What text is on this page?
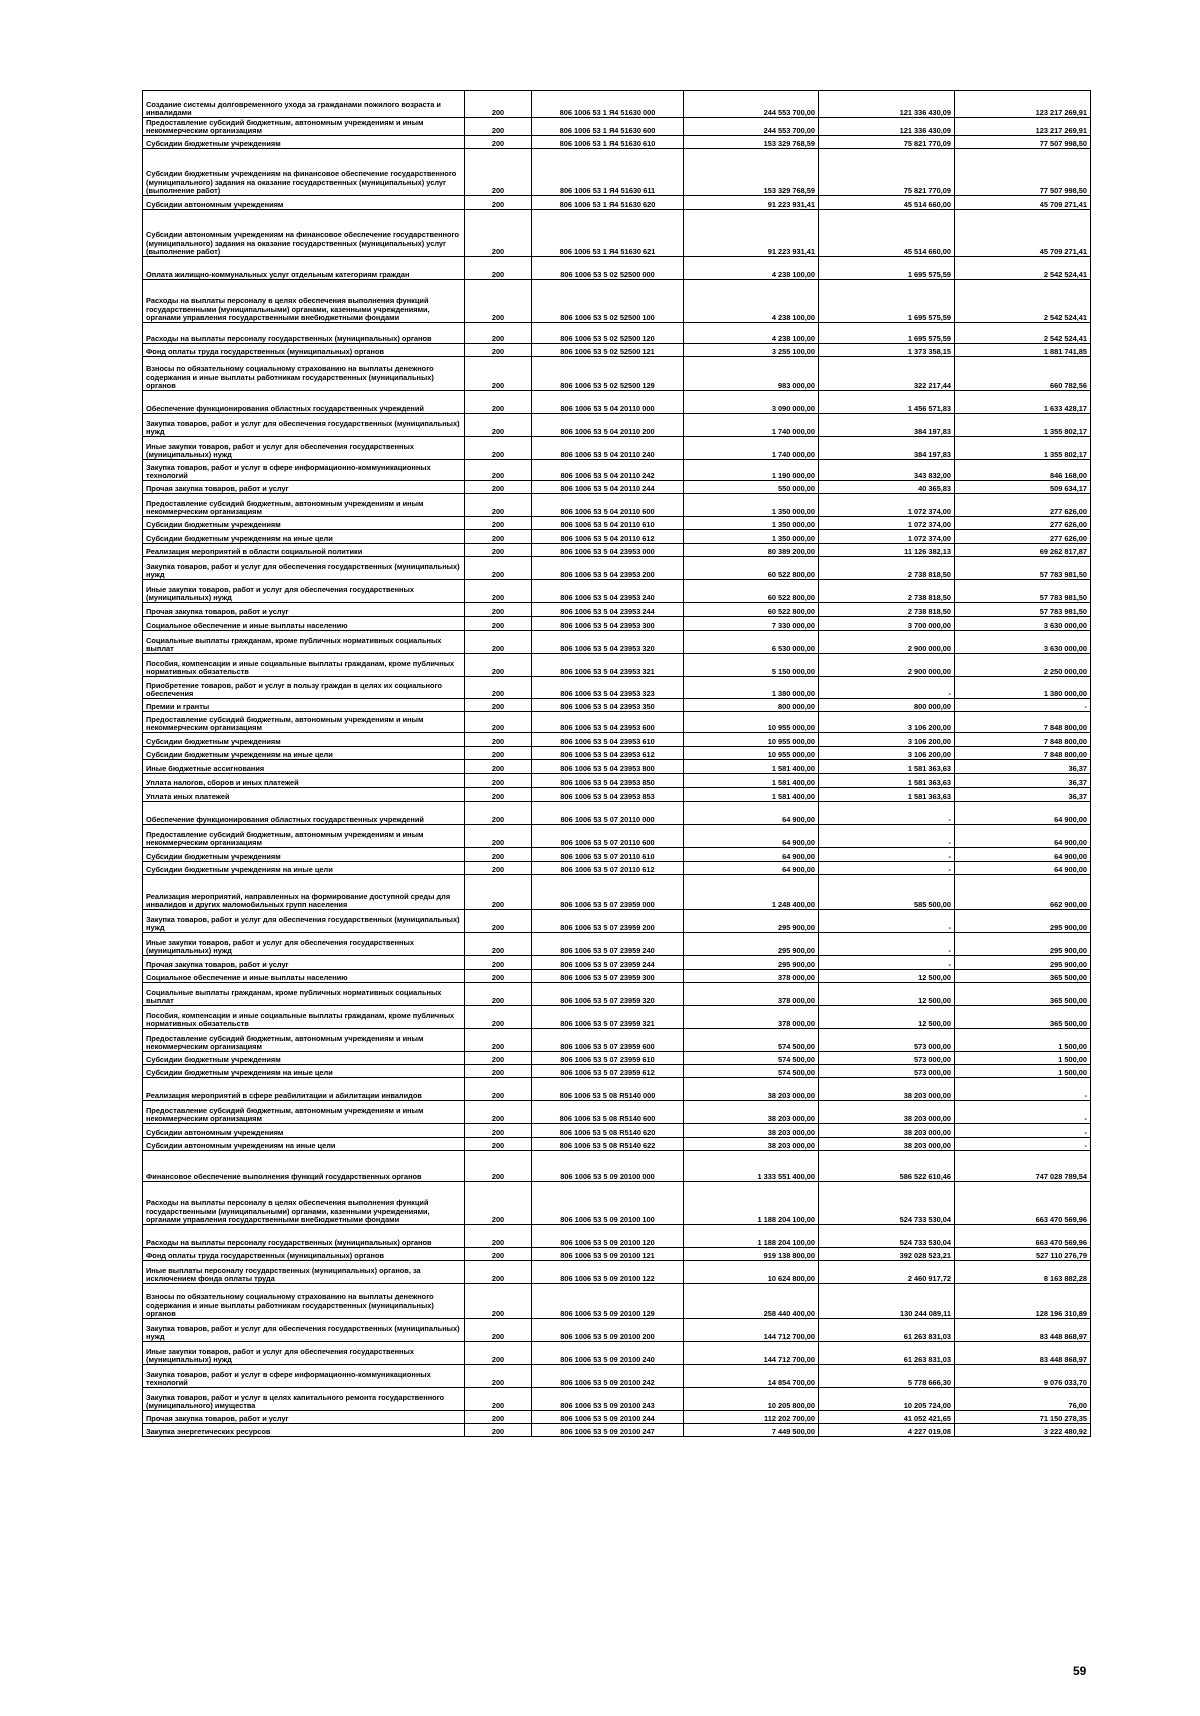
Создание системы долговременного ухода за гражданами пожилого возраста и инвалидами	200	806 1006 53 1 Я4 51630 000	244 553 700,00	121 336 430,09	123 217 269,91
Предоставление субсидий бюджетным, автономным учреждениям и иным некоммерческим организациям	200	806 1006 53 1 Я4 51630 600	244 553 700,00	121 336 430,09	123 217 269,91
Субсидии бюджетным учреждениям	200	806 1006 53 1 Я4 51630 610	153 329 768,59	75 821 770,09	77 507 998,50
Субсидии бюджетным учреждениям на финансовое обеспечение государственного (муниципального) задания на оказание государственных (муниципальных) услуг (выполнение работ)	200	806 1006 53 1 Я4 51630 611	153 329 768,59	75 821 770,09	77 507 998,50
Субсидии автономным учреждениям	200	806 1006 53 1 Я4 51630 620	91 223 931,41	45 514 660,00	45 709 271,41
Субсидии автономным учреждениям на финансовое обеспечение государственного (муниципального) задания на оказание государственных (муниципальных) услуг (выполнение работ)	200	806 1006 53 1 Я4 51630 621	91 223 931,41	45 514 660,00	45 709 271,41
Оплата жилищно-коммунальных услуг отдельным категориям граждан	200	806 1006 53 5 02 52500 000	4 238 100,00	1 695 575,59	2 542 524,41
Расходы на выплаты персоналу в целях обеспечения выполнения функций государственными (муниципальными) органами, казенными учреждениями, органами управления государственными внебюджетными фондами	200	806 1006 53 5 02 52500 100	4 238 100,00	1 695 575,59	2 542 524,41
Расходы на выплаты персоналу государственных (муниципальных) органов	200	806 1006 53 5 02 52500 120	4 238 100,00	1 695 575,59	2 542 524,41
Фонд оплаты труда государственных (муниципальных) органов	200	806 1006 53 5 02 52500 121	3 255 100,00	1 373 358,15	1 881 741,85
Взносы по обязательному социальному страхованию на выплаты денежного содержания и иные выплаты работникам государственных (муниципальных) органов	200	806 1006 53 5 02 52500 129	983 000,00	322 217,44	660 782,56
Обеспечение функционирования областных государственных учреждений	200	806 1006 53 5 04 20110 000	3 090 000,00	1 456 571,83	1 633 428,17
Закупка товаров, работ и услуг для обеспечения государственных (муниципальных) нужд	200	806 1006 53 5 04 20110 200	1 740 000,00	384 197,83	1 355 802,17
Иные закупки товаров, работ и услуг для обеспечения государственных (муниципальных) нужд	200	806 1006 53 5 04 20110 240	1 740 000,00	384 197,83	1 355 802,17
Закупка товаров, работ и услуг в сфере информационно-коммуникационных технологий	200	806 1006 53 5 04 20110 242	1 190 000,00	343 832,00	846 168,00
Прочая закупка товаров, работ и услуг	200	806 1006 53 5 04 20110 244	550 000,00	40 365,83	509 634,17
Предоставление субсидий бюджетным, автономным учреждениям и иным некоммерческим организациям	200	806 1006 53 5 04 20110 600	1 350 000,00	1 072 374,00	277 626,00
Субсидии бюджетным учреждениям	200	806 1006 53 5 04 20110 610	1 350 000,00	1 072 374,00	277 626,00
Субсидии бюджетным учреждениям на иные цели	200	806 1006 53 5 04 20110 612	1 350 000,00	1 072 374,00	277 626,00
Реализация мероприятий в области социальной политики	200	806 1006 53 5 04 23953 000	80 389 200,00	11 126 382,13	69 262 817,87
Закупка товаров, работ и услуг для обеспечения государственных (муниципальных) нужд	200	806 1006 53 5 04 23953 200	60 522 800,00	2 738 818,50	57 783 981,50
Иные закупки товаров, работ и услуг для обеспечения государственных (муниципальных) нужд	200	806 1006 53 5 04 23953 240	60 522 800,00	2 738 818,50	57 783 981,50
Прочая закупка товаров, работ и услуг	200	806 1006 53 5 04 23953 244	60 522 800,00	2 738 818,50	57 783 981,50
Социальное обеспечение и иные выплаты населению	200	806 1006 53 5 04 23953 300	7 330 000,00	3 700 000,00	3 630 000,00
Социальные выплаты гражданам, кроме публичных нормативных социальных выплат	200	806 1006 53 5 04 23953 320	6 530 000,00	2 900 000,00	3 630 000,00
Пособия, компенсации и иные социальные выплаты гражданам, кроме публичных нормативных обязательств	200	806 1006 53 5 04 23953 321	5 150 000,00	2 900 000,00	2 250 000,00
Приобретение товаров, работ и услуг в пользу граждан в целях их социального обеспечения	200	806 1006 53 5 04 23953 323	1 380 000,00	-	1 380 000,00
Премии и гранты	200	806 1006 53 5 04 23953 350	800 000,00	800 000,00	-
Предоставление субсидий бюджетным, автономным учреждениям и иным некоммерческим организациям	200	806 1006 53 5 04 23953 600	10 955 000,00	3 106 200,00	7 848 800,00
Субсидии бюджетным учреждениям	200	806 1006 53 5 04 23953 610	10 955 000,00	3 106 200,00	7 848 800,00
Субсидии бюджетным учреждениям на иные цели	200	806 1006 53 5 04 23953 612	10 955 000,00	3 106 200,00	7 848 800,00
Иные бюджетные ассигнования	200	806 1006 53 5 04 23953 800	1 581 400,00	1 581 363,63	36,37
Уплата налогов, сборов и иных платежей	200	806 1006 53 5 04 23953 850	1 581 400,00	1 581 363,63	36,37
Уплата иных платежей	200	806 1006 53 5 04 23953 853	1 581 400,00	1 581 363,63	36,37
Обеспечение функционирования областных государственных учреждений	200	806 1006 53 5 07 20110 000	64 900,00	-	64 900,00
Предоставление субсидий бюджетным, автономным учреждениям и иным некоммерческим организациям	200	806 1006 53 5 07 20110 600	64 900,00	-	64 900,00
Субсидии бюджетным учреждениям	200	806 1006 53 5 07 20110 610	64 900,00	-	64 900,00
Субсидии бюджетным учреждениям на иные цели	200	806 1006 53 5 07 20110 612	64 900,00	-	64 900,00
Реализация мероприятий, направленных на формирование доступной среды для инвалидов и других маломобильных групп населения	200	806 1006 53 5 07 23959 000	1 248 400,00	585 500,00	662 900,00
Закупка товаров, работ и услуг для обеспечения государственных (муниципальных) нужд	200	806 1006 53 5 07 23959 200	295 900,00	-	295 900,00
Иные закупки товаров, работ и услуг для обеспечения государственных (муниципальных) нужд	200	806 1006 53 5 07 23959 240	295 900,00	-	295 900,00
Прочая закупка товаров, работ и услуг	200	806 1006 53 5 07 23959 244	295 900,00	-	295 900,00
Социальное обеспечение и иные выплаты населению	200	806 1006 53 5 07 23959 300	378 000,00	12 500,00	365 500,00
Социальные выплаты гражданам, кроме публичных нормативных социальных выплат	200	806 1006 53 5 07 23959 320	378 000,00	12 500,00	365 500,00
Пособия, компенсации и иные социальные выплаты гражданам, кроме публичных нормативных обязательств	200	806 1006 53 5 07 23959 321	378 000,00	12 500,00	365 500,00
Предоставление субсидий бюджетным, автономным учреждениям и иным некоммерческим организациям	200	806 1006 53 5 07 23959 600	574 500,00	573 000,00	1 500,00
Субсидии бюджетным учреждениям	200	806 1006 53 5 07 23959 610	574 500,00	573 000,00	1 500,00
Субсидии бюджетным учреждениям на иные цели	200	806 1006 53 5 07 23959 612	574 500,00	573 000,00	1 500,00
Реализация мероприятий в сфере реабилитации и абилитации инвалидов	200	806 1006 53 5 08 R5140 000	38 203 000,00	38 203 000,00	-
Предоставление субсидий бюджетным, автономным учреждениям и иным некоммерческим организациям	200	806 1006 53 5 08 R5140 600	38 203 000,00	38 203 000,00	-
Субсидии автономным учреждениям	200	806 1006 53 5 08 R5140 620	38 203 000,00	38 203 000,00	-
Субсидии автономным учреждениям на иные цели	200	806 1006 53 5 08 R5140 622	38 203 000,00	38 203 000,00	-
Финансовое обеспечение выполнения функций государственных органов	200	806 1006 53 5 09 20100 000	1 333 551 400,00	586 522 610,46	747 028 789,54
Расходы на выплаты персоналу в целях обеспечения выполнения функций государственными (муниципальными) органами, казенными учреждениями, органами управления государственными внебюджетными фондами	200	806 1006 53 5 09 20100 100	1 188 204 100,00	524 733 530,04	663 470 569,96
Расходы на выплаты персоналу государственных (муниципальных) органов	200	806 1006 53 5 09 20100 120	1 188 204 100,00	524 733 530,04	663 470 569,96
Фонд оплаты труда государственных (муниципальных) органов	200	806 1006 53 5 09 20100 121	919 138 800,00	392 028 523,21	527 110 276,79
Иные выплаты персоналу государственных (муниципальных) органов, за исключением фонда оплаты труда	200	806 1006 53 5 09 20100 122	10 624 800,00	2 460 917,72	8 163 882,28
Взносы по обязательному социальному страхованию на выплаты денежного содержания и иные выплаты работникам государственных (муниципальных) органов	200	806 1006 53 5 09 20100 129	258 440 400,00	130 244 089,11	128 196 310,89
Закупка товаров, работ и услуг для обеспечения государственных (муниципальных) нужд	200	806 1006 53 5 09 20100 200	144 712 700,00	61 263 831,03	83 448 868,97
Иные закупки товаров, работ и услуг для обеспечения государственных (муниципальных) нужд	200	806 1006 53 5 09 20100 240	144 712 700,00	61 263 831,03	83 448 868,97
Закупка товаров, работ и услуг в сфере информационно-коммуникационных технологий	200	806 1006 53 5 09 20100 242	14 854 700,00	5 778 666,30	9 076 033,70
Закупка товаров, работ и услуг в целях капитального ремонта государственного (муниципального) имущества	200	806 1006 53 5 09 20100 243	10 205 800,00	10 205 724,00	76,00
Прочая закупка товаров, работ и услуг	200	806 1006 53 5 09 20100 244	112 202 700,00	41 052 421,65	71 150 278,35
Закупка энергетических ресурсов	200	806 1006 53 5 09 20100 247	7 449 500,00	4 227 019,08	3 222 480,92
59
